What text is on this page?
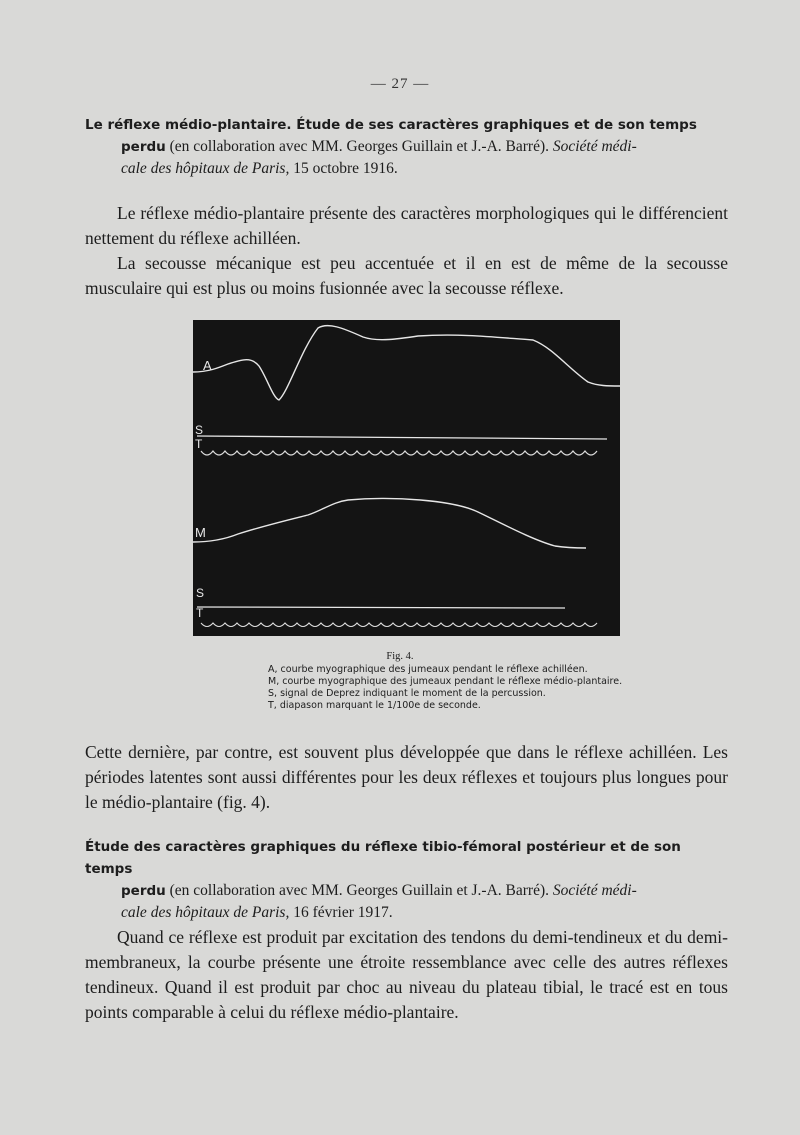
— 27 —
Le réflexe médio-plantaire. Étude de ses caractères graphiques et de son temps
perdu (en collaboration avec MM. Georges Guillain et J.-A. Barré). Société médi-
cale des hôpitaux de Paris, 15 octobre 1916.

Le réflexe médio-plantaire présente des caractères morphologiques qui le différencient nettement du réflexe achilléen.

La secousse mécanique est peu accentuée et il en est de même de la secousse musculaire qui est plus ou moins fusionnée avec la secousse réflexe.

A
S
T
M
S
T
Fig. 4.
A, courbe myographique des jumeaux pendant le réflexe achilléen.
M, courbe myographique des jumeaux pendant le réflexe médio-plantaire.
S, signal de Deprez indiquant le moment de la percussion.
T, diapason marquant le 1/100e de seconde.

Cette dernière, par contre, est souvent plus développée que dans le réflexe achilléen. Les périodes latentes sont aussi différentes pour les deux réflexes et toujours plus longues pour le médio-plantaire (fig. 4).

Étude des caractères graphiques du réflexe tibio-fémoral postérieur et de son temps
perdu (en collaboration avec MM. Georges Guillain et J.-A. Barré). Société médi-
cale des hôpitaux de Paris, 16 février 1917.

Quand ce réflexe est produit par excitation des tendons du demi-tendineux et du demi-membraneux, la courbe présente une étroite ressemblance avec celle des autres réflexes tendineux. Quand il est produit par choc au niveau du plateau tibial, le tracé est en tous points comparable à celui du réflexe médio-plantaire.
